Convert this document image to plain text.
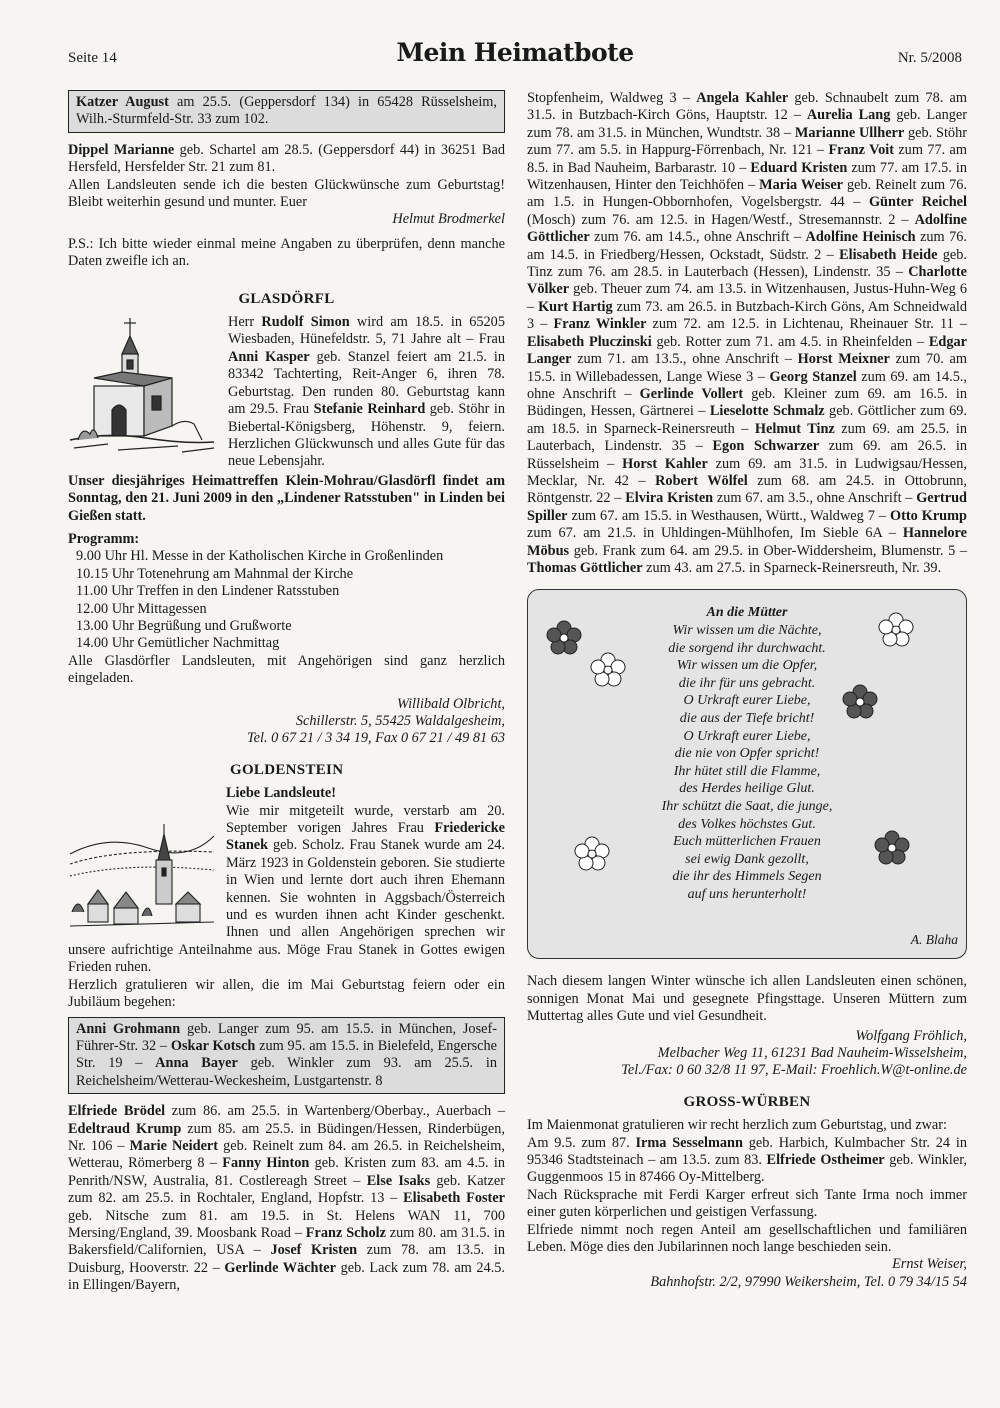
Seite 14	Mein Heimatbote	Nr. 5/2008

Katzer August am 25.5. (Geppersdorf 134) in 65428 Rüsselsheim, Wilh.-Sturmfeld-Str. 33 zum 102.

Dippel Marianne geb. Schartel am 28.5. (Geppersdorf 44) in 36251 Bad Hersfeld, Hersfelder Str. 21 zum 81.

Allen Landsleuten sende ich die besten Glückwünsche zum Geburtstag! Bleibt weiterhin gesund und munter. Euer

Helmut Brodmerkel

P.S.: Ich bitte wieder einmal meine Angaben zu überprüfen, denn manche Daten zweifle ich an.

GLASDÖRFL

Herr Rudolf Simon wird am 18.5. in 65205 Wiesbaden, Hünefeldstr. 5, 71 Jahre alt – Frau Anni Kasper geb. Stanzel feiert am 21.5. in 83342 Tachterting, Reit-Anger 6, ihren 78. Geburtstag. Den runden 80. Geburtstag kann am 29.5. Frau Stefanie Reinhard geb. Stöhr in Biebertal-Königsberg, Höhenstr. 9, feiern. Herzlichen Glückwunsch und alles Gute für das neue Lebensjahr.

Unser diesjähriges Heimattreffen Klein-Mohrau/Glasdörfl findet am Sonntag, den 21. Juni 2009 in den „Lindener Ratsstuben" in Linden bei Gießen statt.

Programm:

9.00 Uhr Hl. Messe in der Katholischen Kirche in Großenlinden

10.15 Uhr Totenehrung am Mahnmal der Kirche

11.00 Uhr Treffen in den Lindener Ratsstuben

12.00 Uhr Mittagessen

13.00 Uhr Begrüßung und Grußworte

14.00 Uhr Gemütlicher Nachmittag

Alle Glasdörfler Landsleuten, mit Angehörigen sind ganz herzlich eingeladen.

Willibald Olbricht,
Schillerstr. 5, 55425 Waldalgesheim,
Tel. 0 67 21 / 3 34 19, Fax 0 67 21 / 49 81 63
GOLDENSTEIN

Liebe Landsleute!

Wie mir mitgeteilt wurde, verstarb am 20. September vorigen Jahres Frau Friedericke Stanek geb. Scholz. Frau Stanek wurde am 24. März 1923 in Goldenstein geboren. Sie studierte in Wien und lernte dort auch ihren Ehemann kennen. Sie wohnten in Aggsbach/Österreich und es wurden ihnen acht Kinder geschenkt. Ihnen und allen Angehörigen sprechen wir unsere aufrichtige Anteilnahme aus. Möge Frau Stanek in Gottes ewigen Frieden ruhen.

Herzlich gratulieren wir allen, die im Mai Geburtstag feiern oder ein Jubiläum begehen:

Anni Grohmann geb. Langer zum 95. am 15.5. in München, Josef-Führer-Str. 32 – Oskar Kotsch zum 95. am 15.5. in Bielefeld, Engersche Str. 19 – Anna Bayer geb. Winkler zum 93. am 25.5. in Reichelsheim/Wetterau-Weckesheim, Lustgartenstr. 8

Elfriede Brödel zum 86. am 25.5. in Wartenberg/Oberbay., Auerbach – Edeltraud Krump zum 85. am 25.5. in Büdingen/Hessen, Rinderbügen, Nr. 106 – Marie Neidert geb. Reinelt zum 84. am 26.5. in Reichelsheim, Wetterau, Römerberg 8 – Fanny Hinton geb. Kristen zum 83. am 4.5. in Penrith/NSW, Australia, 81. Costlereagh Street – Else Isaks geb. Katzer zum 82. am 25.5. in Rochtaler, England, Hopfstr. 13 – Elisabeth Foster geb. Nitsche zum 81. am 19.5. in St. Helens WAN 11, 700 Mersing/England, 39. Moosbank Road – Franz Scholz zum 80. am 31.5. in Bakersfield/Californien, USA – Josef Kristen zum 78. am 13.5. in Duisburg, Hooverstr. 22 – Gerlinde Wächter geb. Lack zum 78. am 24.5. in Ellingen/Bayern,

Stopfenheim, Waldweg 3 – Angela Kahler geb. Schnaubelt zum 78. am 31.5. in Butzbach-Kirch Göns, Hauptstr. 12 – Aurelia Lang geb. Langer zum 78. am 31.5. in München, Wundtstr. 38 – Marianne Ullherr geb. Stöhr zum 77. am 5.5. in Happurg-Förrenbach, Nr. 121 – Franz Voit zum 77. am 8.5. in Bad Nauheim, Barbarastr. 10 – Eduard Kristen zum 77. am 17.5. in Witzenhausen, Hinter den Teichhöfen – Maria Weiser geb. Reinelt zum 76. am 1.5. in Hungen-Obbornhofen, Vogelsbergstr. 44 – Günter Reichel (Mosch) zum 76. am 12.5. in Hagen/Westf., Stresemannstr. 2 – Adolfine Göttlicher zum 76. am 14.5., ohne Anschrift – Adolfine Heinisch zum 76. am 14.5. in Friedberg/Hessen, Ockstadt, Südstr. 2 – Elisabeth Heide geb. Tinz zum 76. am 28.5. in Lauterbach (Hessen), Lindenstr. 35 – Charlotte Völker geb. Theuer zum 74. am 13.5. in Witzenhausen, Justus-Huhn-Weg 6 – Kurt Hartig zum 73. am 26.5. in Butzbach-Kirch Göns, Am Schneidwald 3 – Franz Winkler zum 72. am 12.5. in Lichtenau, Rheinauer Str. 11 – Elisabeth Pluczinski geb. Rotter zum 71. am 4.5. in Rheinfelden – Edgar Langer zum 71. am 13.5., ohne Anschrift – Horst Meixner zum 70. am 15.5. in Willebadessen, Lange Wiese 3 – Georg Stanzel zum 69. am 14.5., ohne Anschrift – Gerlinde Vollert geb. Kleiner zum 69. am 16.5. in Büdingen, Hessen, Gärtnerei – Lieselotte Schmalz geb. Göttlicher zum 69. am 18.5. in Sparneck-Reinersreuth – Helmut Tinz zum 69. am 25.5. in Lauterbach, Lindenstr. 35 – Egon Schwarzer zum 69. am 26.5. in Rüsselsheim – Horst Kahler zum 69. am 31.5. in Ludwigsau/Hessen, Mecklar, Nr. 42 – Robert Wölfel zum 68. am 24.5. in Ottobrunn, Röntgenstr. 22 – Elvira Kristen zum 67. am 3.5., ohne Anschrift – Gertrud Spiller zum 67. am 15.5. in Westhausen, Württ., Waldweg 7 – Otto Krump zum 67. am 21.5. in Uhldingen-Mühlhofen, Im Sieble 6A – Hannelore Möbus geb. Frank zum 64. am 29.5. in Ober-Widdersheim, Blumenstr. 5 – Thomas Göttlicher zum 43. am 27.5. in Sparneck-Reinersreuth, Nr. 39.

An die Mütter
Wir wissen um die Nächte,
die sorgend ihr durchwacht.
Wir wissen um die Opfer,
die ihr für uns gebracht.
O Urkraft eurer Liebe,
die aus der Tiefe bricht!
O Urkraft eurer Liebe,
die nie von Opfer spricht!
Ihr hütet still die Flamme,
des Herdes heilige Glut.
Ihr schützt die Saat, die junge,
des Volkes höchstes Gut.
Euch mütterlichen Frauen
sei ewig Dank gezollt,
die ihr des Himmels Segen
auf uns herunterholt!
A. Blaha

Nach diesem langen Winter wünsche ich allen Landsleuten einen schönen, sonnigen Monat Mai und gesegnete Pfingsttage. Unseren Müttern zum Muttertag alles Gute und viel Gesundheit.

Wolfgang Fröhlich,
Melbacher Weg 11, 61231 Bad Nauheim-Wisselsheim,
Tel./Fax: 0 60 32/8 11 97, E-Mail: Froehlich.W@t-online.de
GROSS-WÜRBEN

Im Maienmonat gratulieren wir recht herzlich zum Geburtstag, und zwar:

Am 9.5. zum 87. Irma Sesselmann geb. Harbich, Kulmbacher Str. 24 in 95346 Stadtsteinach – am 13.5. zum 83. Elfriede Ostheimer geb. Winkler, Guggenmoos 15 in 87466 Oy-Mittelberg.

Nach Rücksprache mit Ferdi Karger erfreut sich Tante Irma noch immer einer guten körperlichen und geistigen Verfassung.

Elfriede nimmt noch regen Anteil am gesellschaftlichen und familiären Leben. Möge dies den Jubilarinnen noch lange beschieden sein.

Ernst Weiser,
Bahnhofstr. 2/2, 97990 Weikersheim, Tel. 0 79 34/15 54
